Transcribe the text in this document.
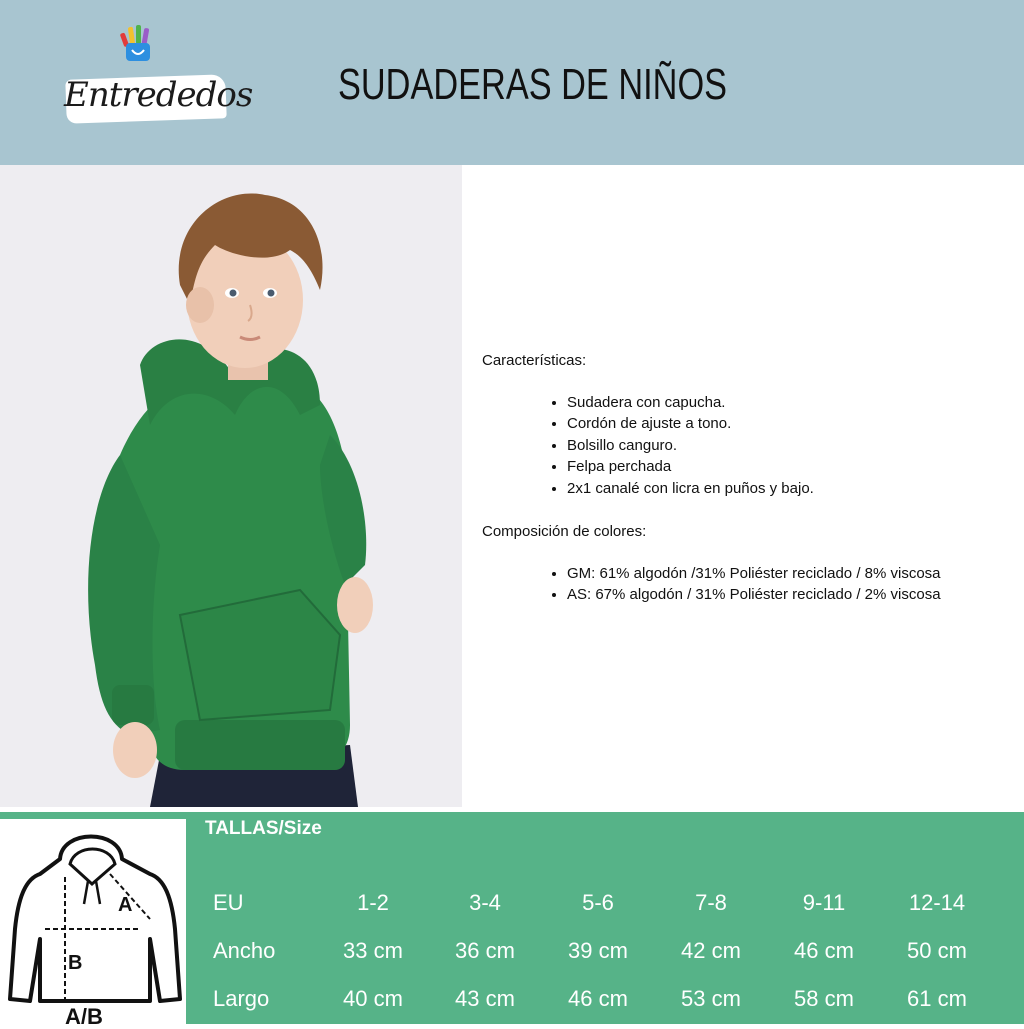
Entrededos SUDADERAS DE NIÑOS

Características:

• Sudadera con capucha.
• Cordón de ajuste a tono.
• Bolsillo canguro.
• Felpa perchada
• 2x1 canalé con licra en puños y bajo.

Composición de colores:

• GM: 61% algodón /31% Poliéster reciclado / 8% viscosa
• AS: 67% algodón / 31% Poliéster reciclado / 2% viscosa
A
B
A/B
TALLAS/Size
EU	1-2	3-4	5-6	7-8	9-11	12-14
Ancho	33 cm 36 cm 39 cm 42 cm 46 cm 50 cm
Largo	40 cm 43 cm 46 cm 53 cm 58 cm 61 cm
